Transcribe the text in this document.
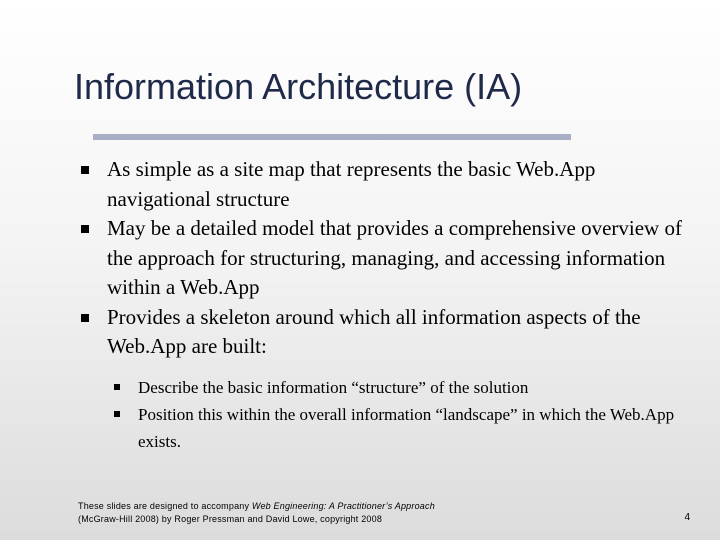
Information Architecture (IA)
As simple as a site map that represents the basic Web.App navigational structure
May be a detailed model that provides a comprehensive overview of the approach for structuring, managing, and accessing information within a Web.App
Provides a skeleton around which all information aspects of the Web.App are built:
Describe the basic information “structure” of the solution
Position this within the overall information “landscape” in which the Web.App exists.
These slides are designed to accompany Web Engineering: A Practitioner’s Approach
(McGraw-Hill 2008) by Roger Pressman and David Lowe, copyright 2008	4
